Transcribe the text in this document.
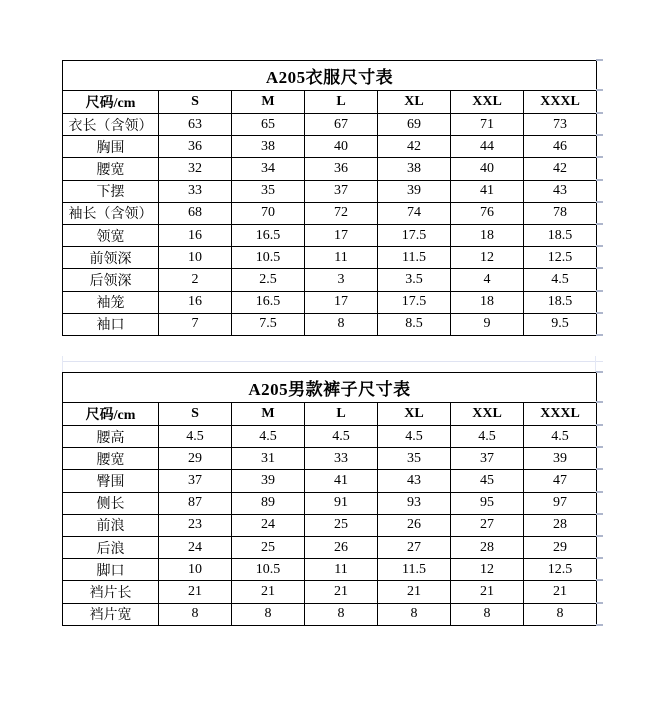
A205衣服尺寸表						
尺码/cm	S	M	L	XL	XXL	XXXL
衣长（含领）	63	65	67	69	71	73
胸围	36	38	40	42	44	46
腰宽	32	34	36	38	40	42
下摆	33	35	37	39	41	43
袖长（含领）	68	70	72	74	76	78
领宽	16	16.5	17	17.5	18	18.5
前领深	10	10.5	11	11.5	12	12.5
后领深	2	2.5	3	3.5	4	4.5
袖笼	16	16.5	17	17.5	18	18.5
袖口	7	7.5	8	8.5	9	9.5
A205男款裤子尺寸表						
尺码/cm	S	M	L	XL	XXL	XXXL
腰高	4.5	4.5	4.5	4.5	4.5	4.5
腰宽	29	31	33	35	37	39
臀围	37	39	41	43	45	47
侧长	87	89	91	93	95	97
前浪	23	24	25	26	27	28
后浪	24	25	26	27	28	29
脚口	10	10.5	11	11.5	12	12.5
裆片长	21	21	21	21	21	21
裆片宽	8	8	8	8	8	8
